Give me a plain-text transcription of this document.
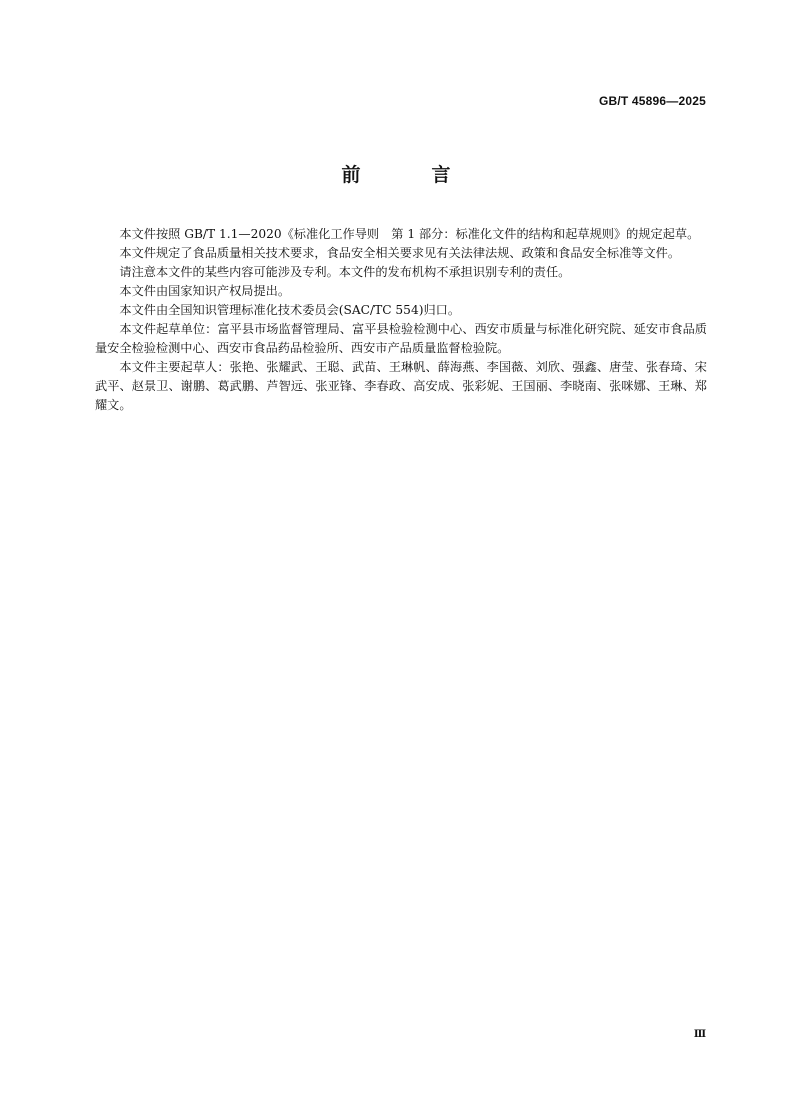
GB/T 45896—2025
前　言

本文件按照 GB/T 1.1—2020《标准化工作导则　第 1 部分：标准化文件的结构和起草规则》的规定起草。

本文件规定了食品质量相关技术要求，食品安全相关要求见有关法律法规、政策和食品安全标准等文件。

请注意本文件的某些内容可能涉及专利。本文件的发布机构不承担识别专利的责任。

本文件由国家知识产权局提出。

本文件由全国知识管理标准化技术委员会(SAC/TC 554)归口。

本文件起草单位：富平县市场监督管理局、富平县检验检测中心、西安市质量与标准化研究院、延安市食品质量安全检验检测中心、西安市食品药品检验所、西安市产品质量监督检验院。

本文件主要起草人：张艳、张耀武、王聪、武苗、王琳帆、薛海燕、李国薇、刘欣、强鑫、唐莹、张春琦、宋武平、赵景卫、谢鹏、葛武鹏、芦智远、张亚锋、李春政、高安成、张彩妮、王国丽、李晓南、张咪娜、王琳、郑耀文。

Ⅲ
